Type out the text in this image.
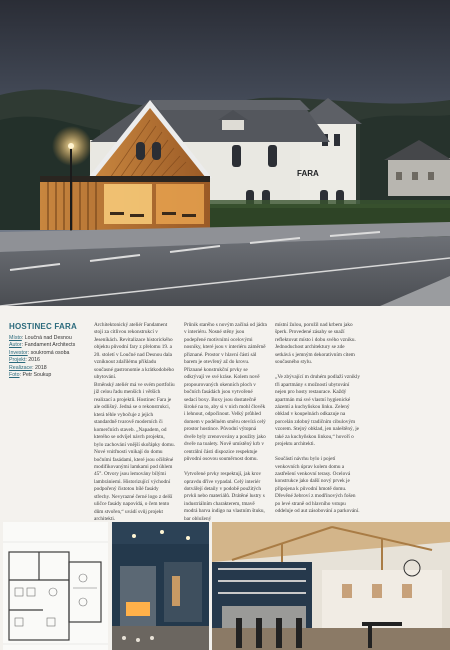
FARA
HOSTINEC FARA
Místo: Loučná nad Desnou
Autor: Fandament Architects
Investor: soukromá osoba
Projekt: 2016
Realizace: 2018
Foto: Petr Soukup

Architektonický ateliér Fandament stoji za citlivou rekonstrukcí v Jeseníkách. Revitalizace historického objektu původní fary z přelomu 19. a 20. století v Loučné nad Desnou dala vzniknout zdařilému příkladu současné gastronomie a krátkodobého ubytování.

Brněnský ateliér má ve svém portfoliu již celou řadu menších i větších realizací a projektů. Hostinec Fara je ale odlišný. Jedná se o rekonstrukci, která téhle vybočuje z jejich standardně tvarově moderních či komerčních staveb. „Napadem, od kterého se odvíjel návrh projektu, bylo zachování vnější skořápky domu. Nové vnitřnosti vnikají do domu bočními fasádami, které jsou očištěné modifikovanými lamkami pod úhlem 45°. Otvory jsou lemovány bílými lambrániemi. Historizující východní podpořený čistotou bílé fasády střechy. Nevyrazné černé logo z delší uličce fasády napovídá, o čem tento dům stvořen,“ uvádí svůj projekt architekti.

Průnik starého s novým začíná od jádra v interiéru. Nosné stěny jsou podepřené motivními ocelovými nosníky, které jsou v interiéru záměrně přiznané. Prostor v hlavní části sál barem je otevřený až do krovu. Přiznané konstrukční prvky se odkrývají ve své kráse. Kolem nově propourovaných okenních ploch v bočních fasádách jsou vytvořené sedací boxy. Boxy jsou dostatečně široké na to, aby si v nich mohl člověk i lehnout, odpočinout. Velký průhled domem v podélném směru otevírá celý prostor hostince. Původní výtopná dveře byly zrenovovány a použity jako dveře na toalety. Nově umístěný krb v centrální části dispozice respektuje původní osovou souměrnost domu.

Vytvořené prvky respektují, jak krov opravdu dříve vypadal. Celý interiér dotvářejí detaily v podobě použitých prvků nebo materiálů. Drátěné lustry s industriálním charakterem, tmavě modrá barva indigo na vlastním štuku, bar obložený

místní žulou, porožil nad krbem jako šperk. Provedené zásahy se snaží reflektovat místo i dobu svého vzniku. Jednoduchost architektury se zde setkává s jemným dekorativním citem současného stylu.

„Ve zbývající m druhém podlaží vznikly tři apartmány s možností ubytování nejen pro hosty restaurace. Každý apartmán má své vlastní hygienické zázemí a kuchyňskou linku. Zelený obklad v koupelnách odkazuje na porcelán zdobný tradičním cibulovým vzorem. Stejný obklad, jen naleštěný, je také za kuchyňskou linkou,“ hovoří o projektu architekti.

Součástí návrhu bylo i pojetí venkovních úprav kolem domu a zastřešení venkovní terasy. Ocelová konstrukce jako další nový prvek je připojena k původní hmotě domu. Dřevěné žebroví z modřínových fošen po levé straně od hlavního vstupu oddeluje od aut zásobování a parkování.
